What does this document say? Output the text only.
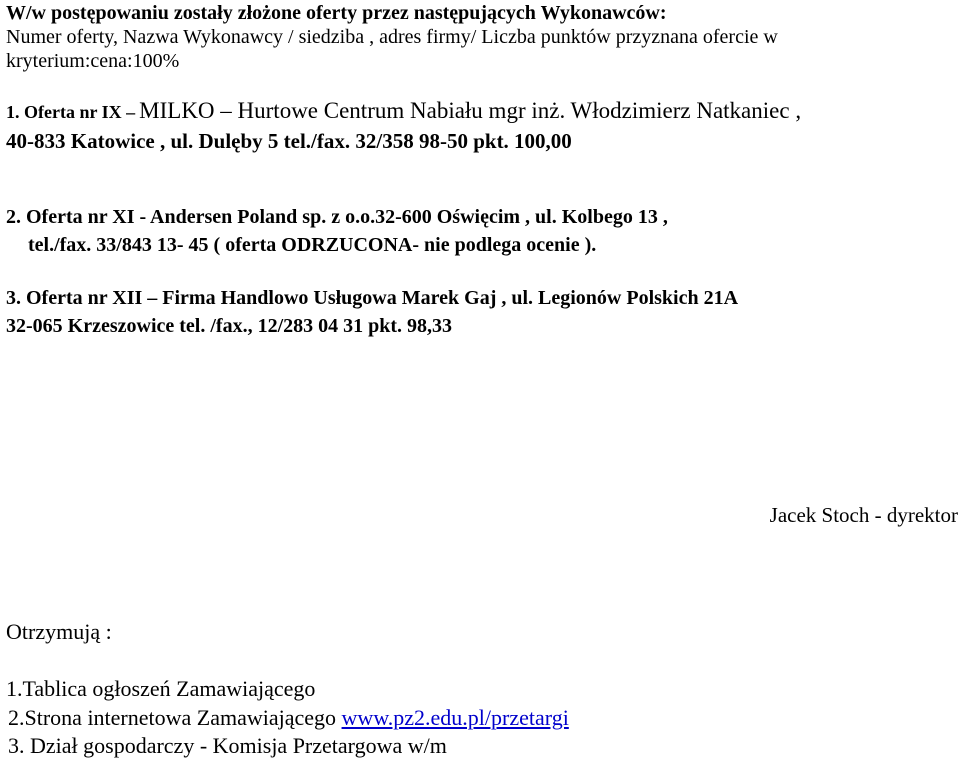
W/w postępowaniu zostały złożone oferty przez następujących Wykonawców:
Numer oferty, Nazwa Wykonawcy / siedziba , adres firmy/ Liczba punktów przyznana ofercie w
kryterium:cena:100%
1. Oferta nr IX – MILKO – Hurtowe Centrum Nabiału mgr inż. Włodzimierz Natkaniec ,
40-833 Katowice , ul. Dulęby 5 tel./fax. 32/358 98-50 pkt. 100,00
2. Oferta nr XI - Andersen Poland sp. z o.o.32-600 Oświęcim , ul. Kolbego 13 ,
tel./fax. 33/843 13- 45 ( oferta ODRZUCONA- nie podlega ocenie ).
3. Oferta nr XII – Firma Handlowo Usługowa Marek Gaj , ul. Legionów Polskich 21A
32-065 Krzeszowice tel. /fax., 12/283 04 31 pkt. 98,33
Jacek Stoch - dyrektor
Otrzymują :
1.Tablica ogłoszeń Zamawiającego
2.Strona internetowa Zamawiającego www.pz2.edu.pl/przetargi
3. Dział gospodarczy - Komisja Przetargowa w/m
